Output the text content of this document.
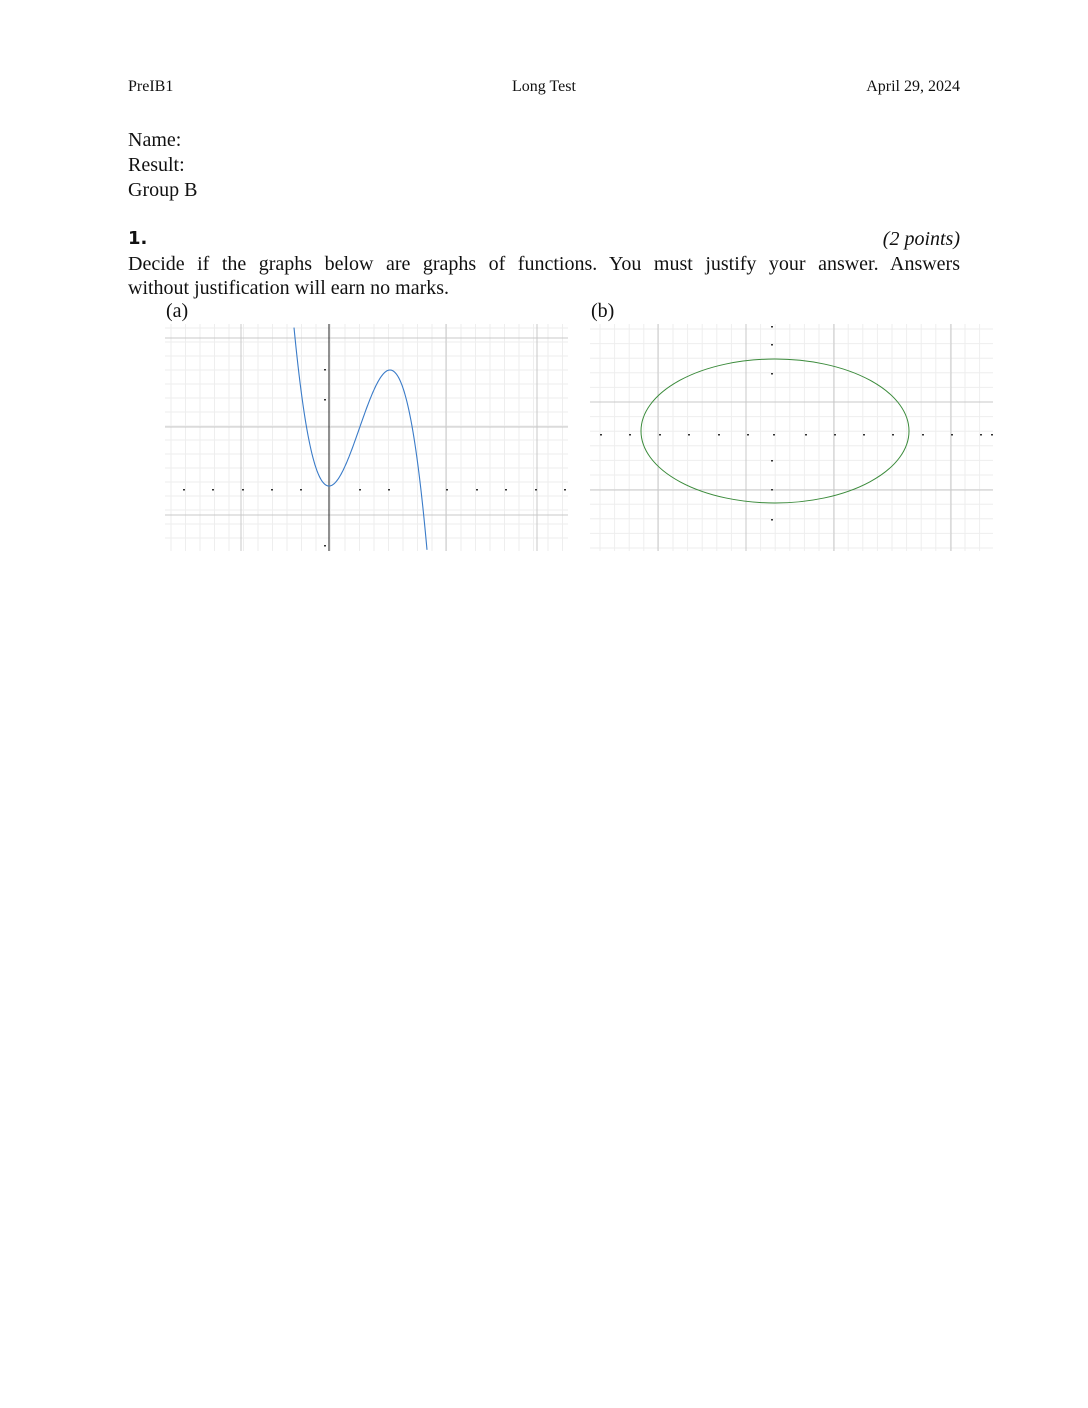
PreIB1	Long Test	April 29, 2024
Name:
Result:
Group B
1.	(2 points)
Decide if the graphs below are graphs of functions. You must justify your answer. Answers
without justification will earn no marks.
(a)	(b)
